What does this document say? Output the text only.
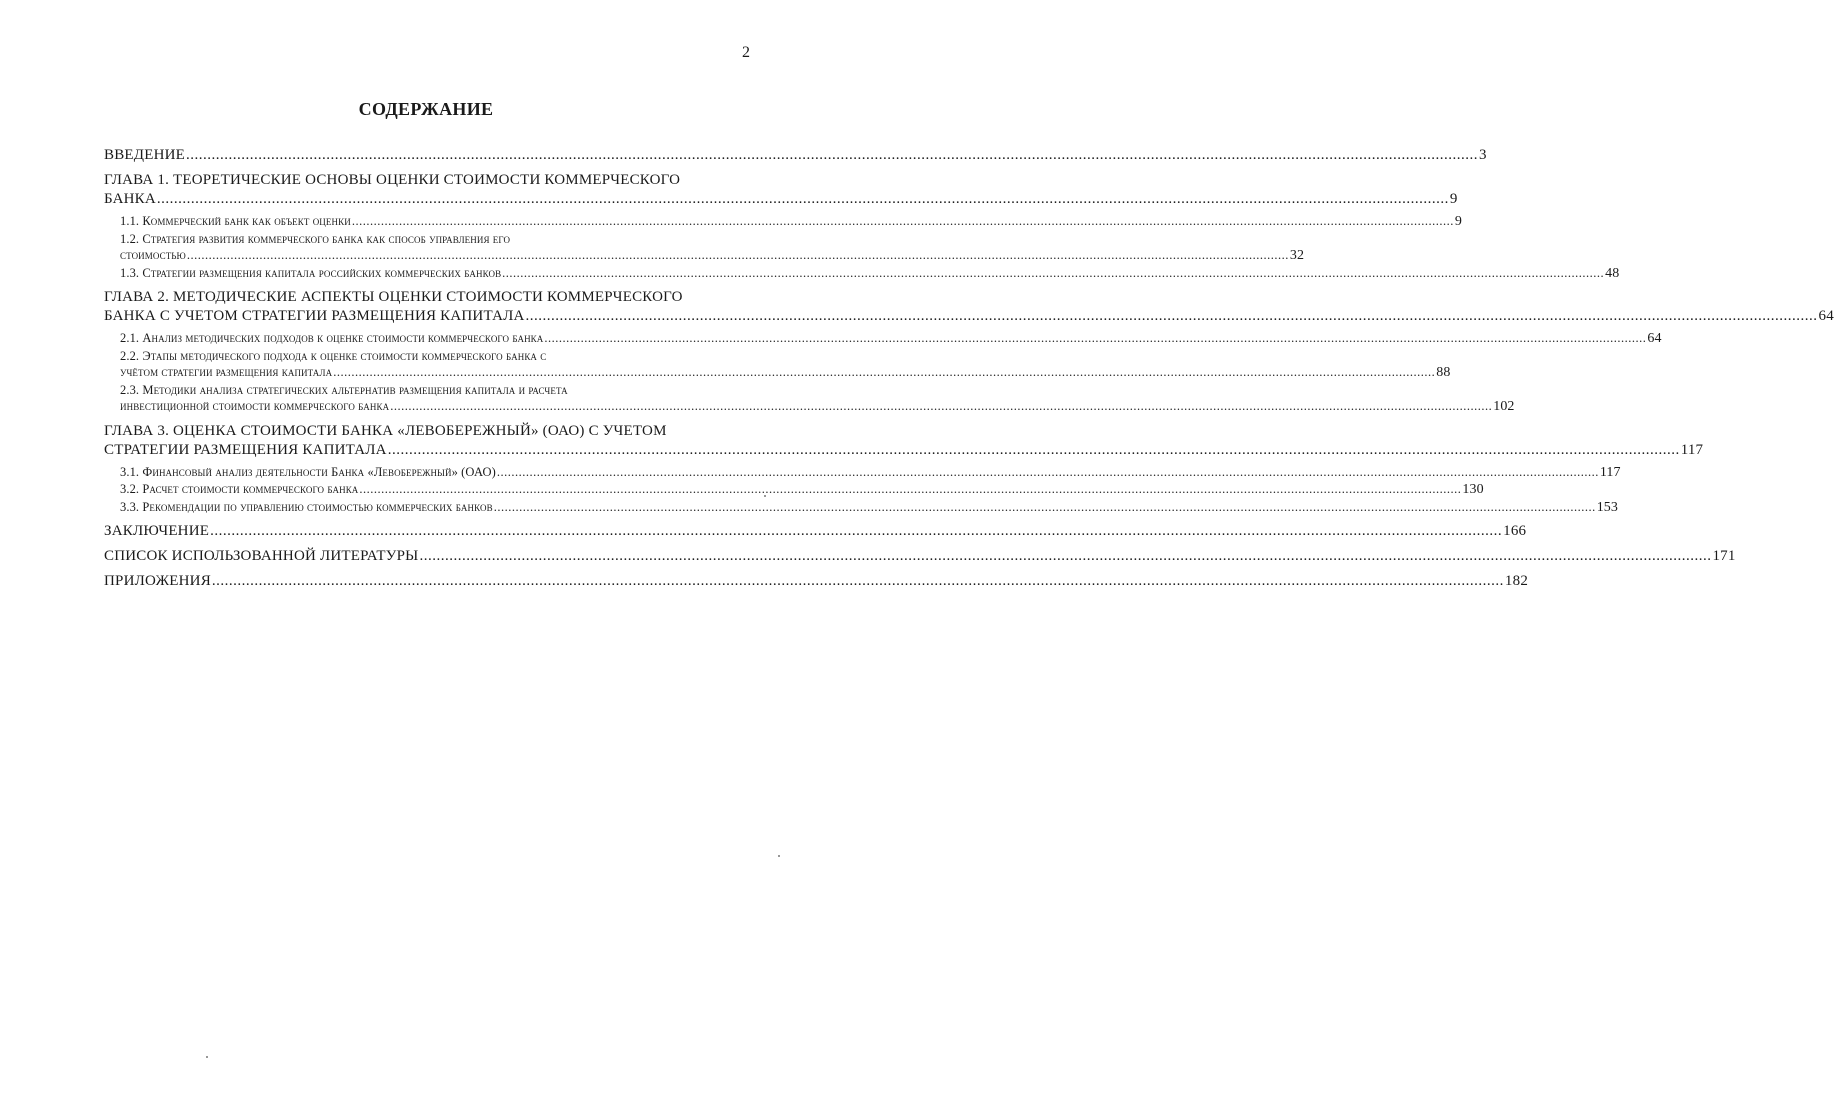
2
СОДЕРЖАНИЕ
ВВЕДЕНИЕ .....	3
ГЛАВА 1. ТЕОРЕТИЧЕСКИЕ ОСНОВЫ ОЦЕНКИ СТОИМОСТИ КОММЕРЧЕСКОГО
БАНКА .....	9
1.1. Коммерческий банк как объект оценки .....	9
1.2. Стратегия развития коммерческого банка как способ управления его
стоимостью .....	32
1.3. Стратегии размещения капитала российских коммерческих банков .....	48
ГЛАВА 2. МЕТОДИЧЕСКИЕ АСПЕКТЫ ОЦЕНКИ СТОИМОСТИ КОММЕРЧЕСКОГО
БАНКА С УЧЕТОМ СТРАТЕГИИ РАЗМЕЩЕНИЯ КАПИТАЛА .....	64
2.1. Анализ методических подходов к оценке стоимости коммерческого банка .....	64
2.2. Этапы методического подхода к оценке стоимости коммерческого банка с
учётом стратегии размещения капитала .....	88
2.3. Методики анализа стратегических альтернатив размещения капитала и расчета
инвестиционной стоимости коммерческого банка .....	102
ГЛАВА 3. ОЦЕНКА СТОИМОСТИ БАНКА «ЛЕВОБЕРЕЖНЫЙ» (ОАО) С УЧЕТОМ
СТРАТЕГИИ РАЗМЕЩЕНИЯ КАПИТАЛА .....	117
3.1. Финансовый анализ деятельности Банка «Левобережный» (ОАО) .....	117
3.2. Расчет стоимости коммерческого банка .....	130
3.3. Рекомендации по управлению стоимостью коммерческих банков .....	153
ЗАКЛЮЧЕНИЕ .....	166
СПИСОК ИСПОЛЬЗОВАННОЙ ЛИТЕРАТУРЫ .....	171
ПРИЛОЖЕНИЯ .....	182
